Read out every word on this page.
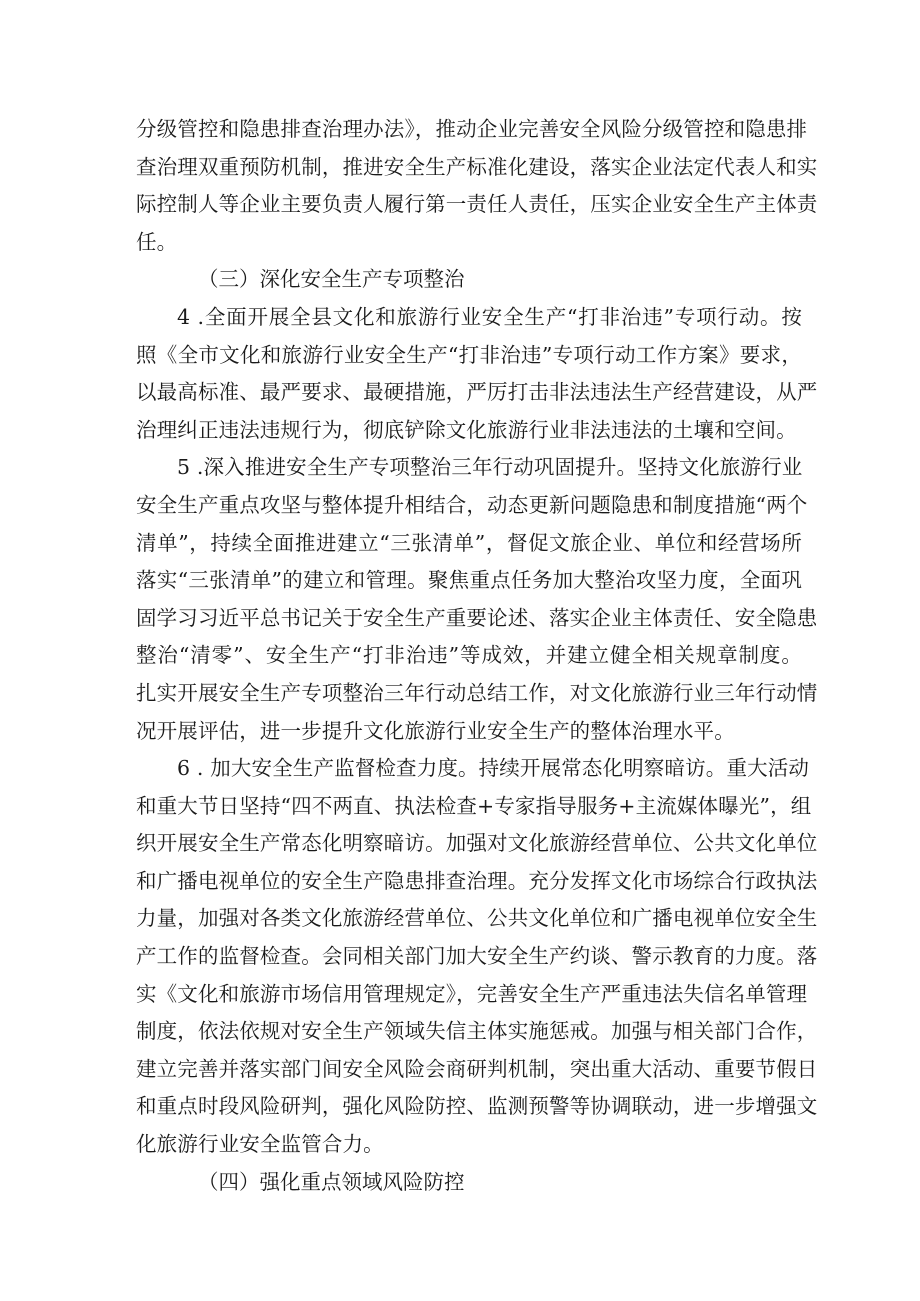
分级管控和隐患排查治理办法》，推动企业完善安全风险分级管控和隐患排
查治理双重预防机制，推进安全生产标准化建设，落实企业法定代表人和实
际控制人等企业主要负责人履行第一责任人责任，压实企业安全生产主体责
任。

（三）深化安全生产专项整治

4 .全面开展全县文化和旅游行业安全生产“打非治违”专项行动。按
照《全市文化和旅游行业安全生产“打非治违”专项行动工作方案》要求，
以最高标准、最严要求、最硬措施，严厉打击非法违法生产经营建设，从严
治理纠正违法违规行为，彻底铲除文化旅游行业非法违法的土壤和空间。

5 .深入推进安全生产专项整治三年行动巩固提升。坚持文化旅游行业
安全生产重点攻坚与整体提升相结合，动态更新问题隐患和制度措施“两个
清单”，持续全面推进建立“三张清单”，督促文旅企业、单位和经营场所
落实“三张清单”的建立和管理。聚焦重点任务加大整治攻坚力度，全面巩
固学习习近平总书记关于安全生产重要论述、落实企业主体责任、安全隐患
整治“清零”、安全生产“打非治违”等成效，并建立健全相关规章制度。
扎实开展安全生产专项整治三年行动总结工作，对文化旅游行业三年行动情
况开展评估，进一步提升文化旅游行业安全生产的整体治理水平。

6 . 加大安全生产监督检查力度。持续开展常态化明察暗访。重大活动
和重大节日坚持“四不两直、执法检查+专家指导服务+主流媒体曝光”，组
织开展安全生产常态化明察暗访。加强对文化旅游经营单位、公共文化单位
和广播电视单位的安全生产隐患排查治理。充分发挥文化市场综合行政执法
力量，加强对各类文化旅游经营单位、公共文化单位和广播电视单位安全生
产工作的监督检查。会同相关部门加大安全生产约谈、警示教育的力度。落
实《文化和旅游市场信用管理规定》，完善安全生产严重违法失信名单管理
制度，依法依规对安全生产领域失信主体实施惩戒。加强与相关部门合作，
建立完善并落实部门间安全风险会商研判机制，突出重大活动、重要节假日
和重点时段风险研判，强化风险防控、监测预警等协调联动，进一步增强文
化旅游行业安全监管合力。

（四）强化重点领域风险防控
